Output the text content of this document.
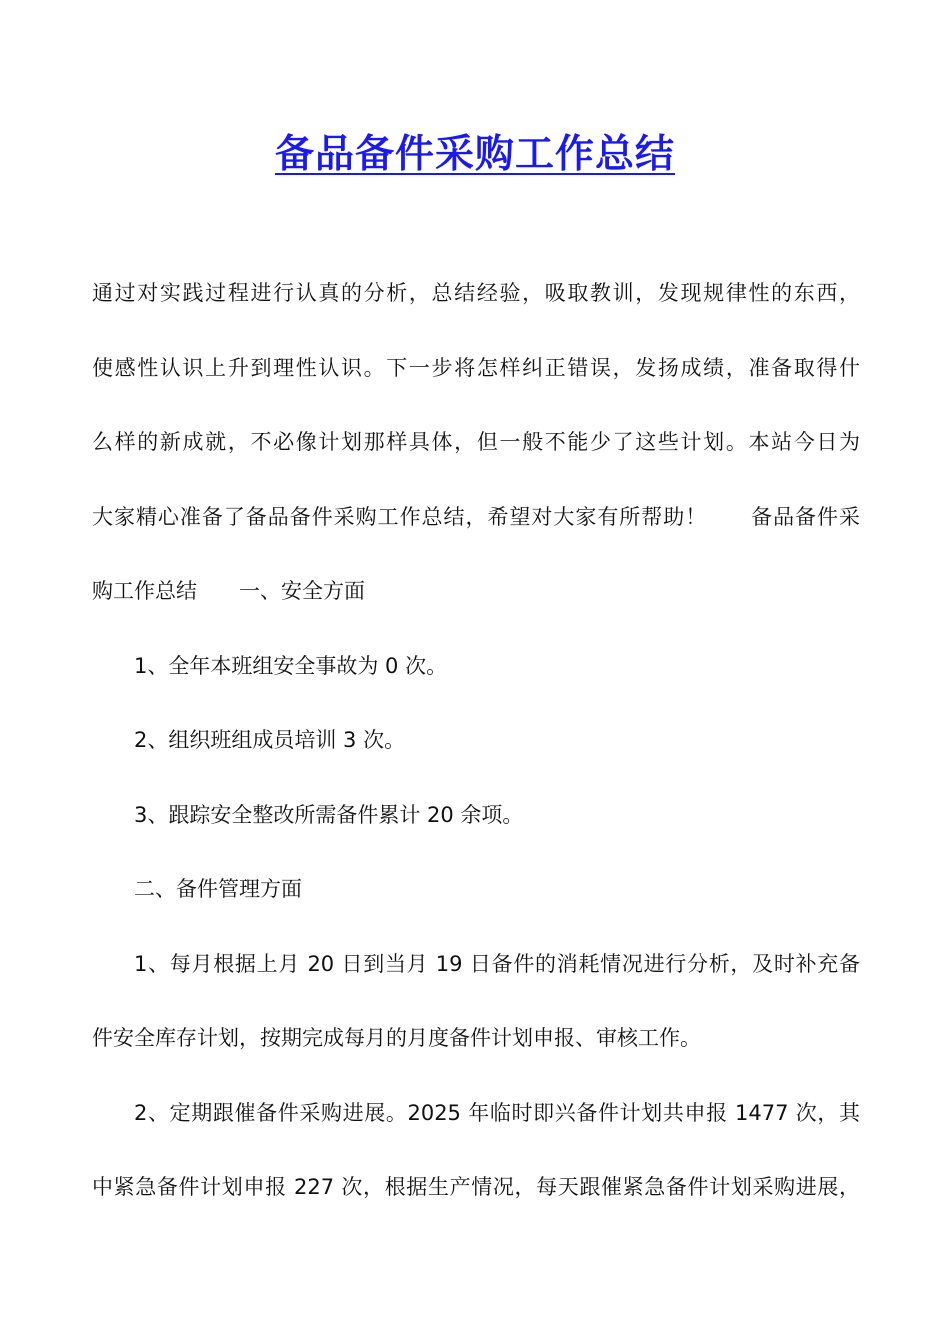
备品备件采购工作总结
通过对实践过程进行认真的分析，总结经验，吸取教训，发现规律性的东西，
使感性认识上升到理性认识。下一步将怎样纠正错误，发扬成绩，准备取得什
么样的新成就，不必像计划那样具体，但一般不能少了这些计划。本站今日为
大家精心准备了备品备件采购工作总结，希望对大家有所帮助！　　备品备件采
购工作总结　　一、安全方面
1、全年本班组安全事故为 0 次。
2、组织班组成员培训 3 次。
3、跟踪安全整改所需备件累计 20 余项。
二、备件管理方面
1、每月根据上月 20 日到当月 19 日备件的消耗情况进行分析，及时补充备
件安全库存计划，按期完成每月的月度备件计划申报、审核工作。
2、定期跟催备件采购进展。2025 年临时即兴备件计划共申报 1477 次，其
中紧急备件计划申报 227 次，根据生产情况，每天跟催紧急备件计划采购进展，
